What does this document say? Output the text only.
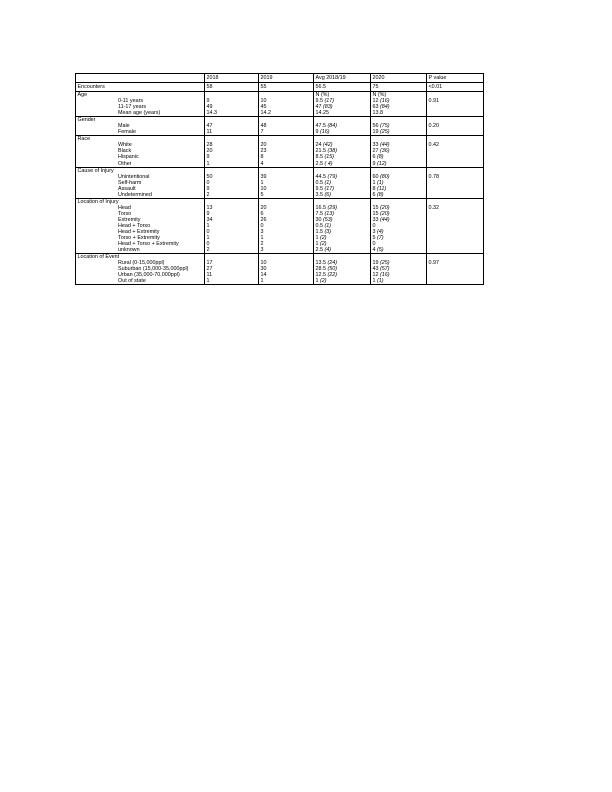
	2018	2019	Avg 2018/19	2020	P value
Encounters	58	55	56.5	75	<0.01
Age			N (%)	N (%)	
0-11 years	9	10	9.5 (17)	12 (16)	0.91
11-17 years	49	45	47 (83)	63 (84)	
Mean age (years)	14.3	14.2	14.25	13.8	
Gender					
Male	47	48	47.5 (84)	56 (75)	0.20
Female	11	7	9 (16)	19 (25)	
Race					
White	28	20	24 (42)	33 (44)	0.42
Black	20	23	21.5 (38)	27 (36)	
Hispanic	9	8	8.5 (15)	6 (8)	
Other	1	4	2.5 ( 4)	9 (12)	
Cause of Injury					
Unintentional	50	39	44.5 (79)	60 (80)	0.78
Self-harm	0	1	0.5 (1)	1 (1)	
Assault	9	10	9.5 (17)	8 (11)	
Undetermined	2	5	3.5 (6)	6 (8)	
Location of Injury					
Head	13	20	16.5 (29)	15 (20)	0.32
Torso	9	6	7.5 (13)	15 (20)	
Extremity	34	26	30 (53)	33 (44)	
Head + Torso	1	0	0.5 (1)	0	
Head + Extremity	0	3	1.5 (3)	3 (4)	
Torso + Extremity	1	1	1 (2)	5 (7)	
Head + Torso + Extremity	0	2	1 (2)	0	
unknown	2	3	2.5 (4)	4 (5)	
Location of Event					
Rural (0-15,000ppl)	17	10	13.5 (24)	19 (25)	0.97
Suburban (15,000-35,000ppl)	27	30	28.5 (50)	43 (57)	
Urban (35,000-70,000ppl)	11	14	12.5 (22)	12 (16)	
Out of state	1	1	1 (2)	1 (1)	
